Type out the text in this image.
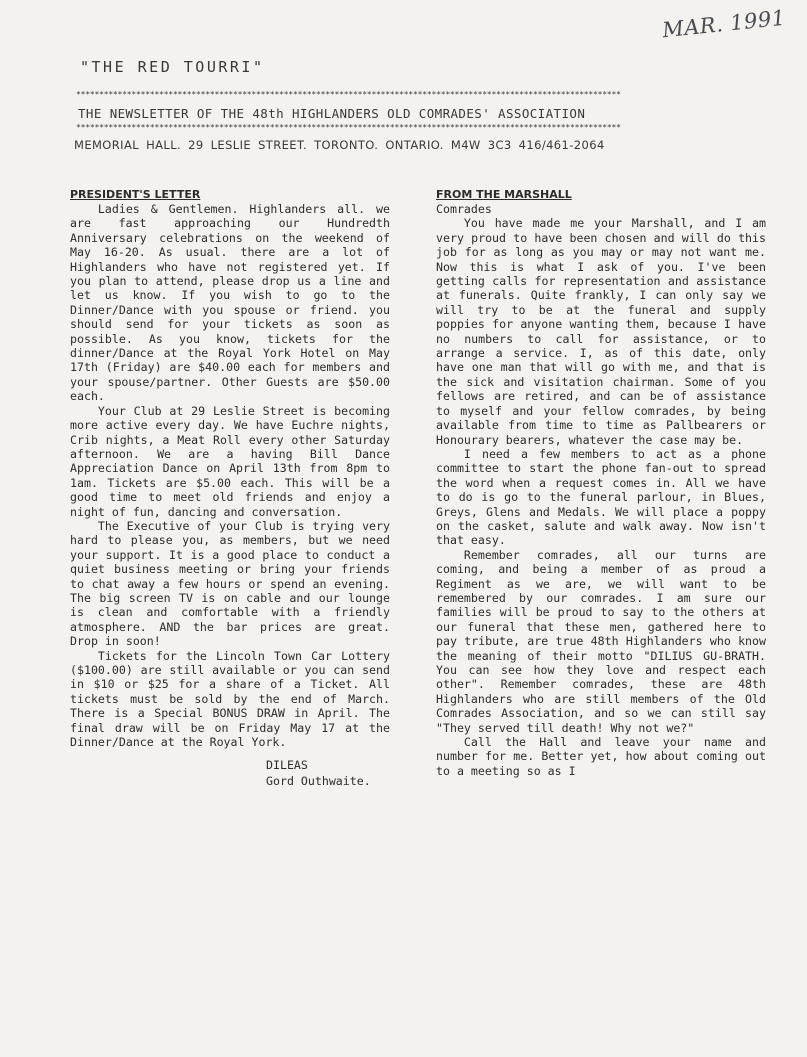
MAR. 1991
"THE RED TOURRI"
**********************************************************************************************************************
THE NEWSLETTER OF THE 48th HIGHLANDERS OLD COMRADES' ASSOCIATION
**********************************************************************************************************************
MEMORIAL HALL. 29 LESLIE STREET. TORONTO. ONTARIO. M4W 3C3 416/461-2064
PRESIDENT'S LETTER

Ladies & Gentlemen. Highlanders all. we are fast approaching our Hundredth Anniversary celebrations on the weekend of May 16-20. As usual. there are a lot of Highlanders who have not registered yet. If you plan to attend, please drop us a line and let us know. If you wish to go to the Dinner/Dance with you spouse or friend. you should send for your tickets as soon as possible. As you know, tickets for the dinner/Dance at the Royal York Hotel on May 17th (Friday) are $40.00 each for members and your spouse/partner. Other Guests are $50.00 each.

Your Club at 29 Leslie Street is becoming more active every day. We have Euchre nights, Crib nights, a Meat Roll every other Saturday afternoon. We are a having Bill Dance Appreciation Dance on April 13th from 8pm to 1am. Tickets are $5.00 each. This will be a good time to meet old friends and enjoy a night of fun, dancing and conversation.

The Executive of your Club is trying very hard to please you, as members, but we need your support. It is a good place to conduct a quiet business meeting or bring your friends to chat away a few hours or spend an evening. The big screen TV is on cable and our lounge is clean and comfortable with a friendly atmosphere. AND the bar prices are great. Drop in soon!

Tickets for the Lincoln Town Car Lottery ($100.00) are still available or you can send in $10 or $25 for a share of a Ticket. All tickets must be sold by the end of March. There is a Special BONUS DRAW in April. The final draw will be on Friday May 17 at the Dinner/Dance at the Royal York.

DILEAS
Gord Outhwaite.
FROM THE MARSHALL

Comrades

You have made me your Marshall, and I am very proud to have been chosen and will do this job for as long as you may or may not want me. Now this is what I ask of you. I've been getting calls for representation and assistance at funerals. Quite frankly, I can only say we will try to be at the funeral and supply poppies for anyone wanting them, because I have no numbers to call for assistance, or to arrange a service. I, as of this date, only have one man that will go with me, and that is the sick and visitation chairman. Some of you fellows are retired, and can be of assistance to myself and your fellow comrades, by being available from time to time as Pallbearers or Honourary bearers, whatever the case may be.

I need a few members to act as a phone committee to start the phone fan-out to spread the word when a request comes in. All we have to do is go to the funeral parlour, in Blues, Greys, Glens and Medals. We will place a poppy on the casket, salute and walk away. Now isn't that easy.

Remember comrades, all our turns are coming, and being a member of as proud a Regiment as we are, we will want to be remembered by our comrades. I am sure our families will be proud to say to the others at our funeral that these men, gathered here to pay tribute, are true 48th Highlanders who know the meaning of their motto "DILIUS GU-BRATH. You can see how they love and respect each other". Remember comrades, these are 48th Highlanders who are still members of the Old Comrades Association, and so we can still say "They served till death! Why not we?"

Call the Hall and leave your name and number for me. Better yet, how about coming out to a meeting so as I
